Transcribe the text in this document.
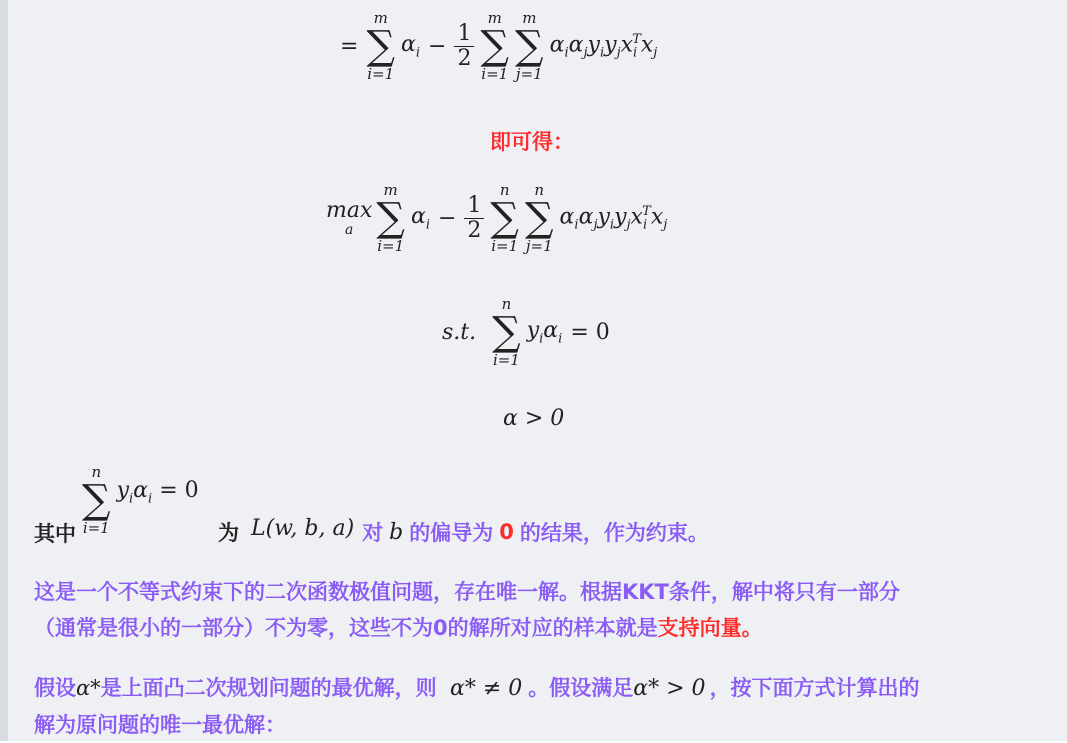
=
m
∑
i=1
$\alpha_i - \frac{1}{2}$
m
∑
i=1
m
∑
j=1
$\alpha_i\alpha_jy_iy_jx_i^Tx_j$
即可得：
max
a
m
∑
i=1
$\alpha_i - \frac{1}{2}$
n
∑
i=1
n
∑
j=1
$\alpha_i\alpha_jy_iy_jx_i^Tx_j$
s.t.
n
∑
i=1
$y_i\alpha_i = 0$
α > 0
其中
n
∑
i=1
$y_i\alpha_i = 0$
为 L(w, b, a) 对 b 的偏导为 0 的结果，作为约束。
这是一个不等式约束下的二次函数极值问题，存在唯一解。根据KKT条件，解中将只有一部分
（通常是很小的一部分）不为零，这些不为0的解所对应的样本就是支持向量。
假设α*是上面凸二次规划问题的最优解，则 α* ≠ 0 。假设满足α* > 0 ，按下面方式计算出的
解为原问题的唯一最优解：
